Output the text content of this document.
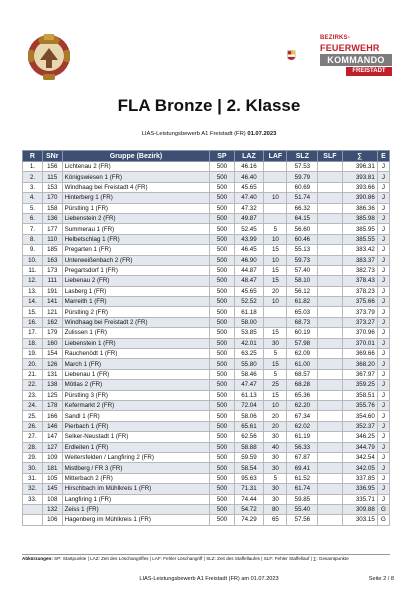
BEZIRKS-
FEUERWEHR
KOMMANDO
FREISTADT
FLA Bronze | 2. Klasse
LIAS-Leistungsbewerb A1 Freistadt (FR) 01.07.2023
R	SNr	Gruppe (Bezirk)	SP	LAZ	LAF	SLZ	SLF	∑	E
1.	156	Lichtenau 2 (FR)	500	46.16		57.53		396.31	J
2.	115	Königswiesen 1 (FR)	500	46.40		59.79		393.81	J
3.	153	Windhaag bei Freistadt 4 (FR)	500	45.65		60.69		393.66	J
4.	170	Hinterberg 1 (FR)	500	47.40	10	51.74		390.86	J
5.	158	Pürstling 1 (FR)	500	47.32		66.32		386.36	J
6.	136	Liebenstein 2 (FR)	500	49.87		64.15		385.98	J
7.	177	Summerau 1 (FR)	500	52.45	5	56.60		385.95	J
8.	110	Helbetschlag 1 (FR)	500	43.99	10	60.46		385.55	J
9.	185	Pregarten 1 (FR)	500	46.45	15	55.13		383.42	J
10.	163	Unterweißenbach 2 (FR)	500	46.90	10	59.73		383.37	J
11.	173	Pregartsdorf 1 (FR)	500	44.87	15	57.40		382.73	J
12.	111	Liebenau 2 (FR)	500	48.47	15	58.10		378.43	J
13.	191	Lasberg 1 (FR)	500	45.65	20	56.12		378.23	J
14.	141	Marreith 1 (FR)	500	52.52	10	61.82		375.66	J
15.	121	Pürstling 2 (FR)	500	61.18		65.03		373.79	J
16.	162	Windhaag bei Freistadt 2 (FR)	500	58.00		68.73		373.27	J
17.	179	Zulissen 1 (FR)	500	53.85	15	60.19		370.96	J
18.	160	Liebenstein 1 (FR)	500	42.01	30	57.98		370.01	J
19.	154	Rauchenödt 1 (FR)	500	63.25	5	62.09		369.66	J
20.	126	March 1 (FR)	500	55.80	15	61.00		368.20	J
21.	131	Liebenau 1 (FR)	500	58.46	5	68.57		367.97	J
22.	138	Mötlas 2 (FR)	500	47.47	25	68.28		359.25	J
23.	125	Pürstling 3 (FR)	500	61.13	15	65.36		358.51	J
24.	178	Kefermarkt 2 (FR)	500	72.04	10	62.20		355.76	J
25.	166	Sandl 1 (FR)	500	58.06	20	67.34		354.60	J
26.	146	Pierbach 1 (FR)	500	65.61	20	62.02		352.37	J
27.	147	Selker-Neustadt 1 (FR)	500	62.56	30	61.19		346.25	J
28.	127	Erdleiten 1 (FR)	500	58.88	40	56.33		344.79	J
29.	109	Weitersfelden / Langfiring 2 (FR)	500	59.59	30	67.87		342.54	J
30.	181	Mistlberg / FR 3 (FR)	500	58.54	30	69.41		342.05	J
31.	105	Mitterbach 2 (FR)	500	95.63	5	61.52		337.85	J
32.	145	Hirschbach im Mühlkreis 1 (FR)	500	71.31	30	61.74		336.95	J
33.	108	Langfiring 1 (FR)	500	74.44	30	59.85		335.71	J
	132	Zeiss 1 (FR)	500	54.72	80	55.40		309.88	G
	106	Hagenberg im Mühlkreis 1 (FR)	500	74.29	65	57.56		303.15	G
Abkürzungen: SP: Startpunkte | LAZ: Zeit des Löschangriffes | LAF: Fehler Löschangriff | SLZ: Zeit des Staffellaufes | SLF: Fehler Staffellauf | ∑: Gesamtpunkte
LIAS-Leistungsbewerb A1 Freistadt (FR) am 01.07.2023	Seite 2 / 8
